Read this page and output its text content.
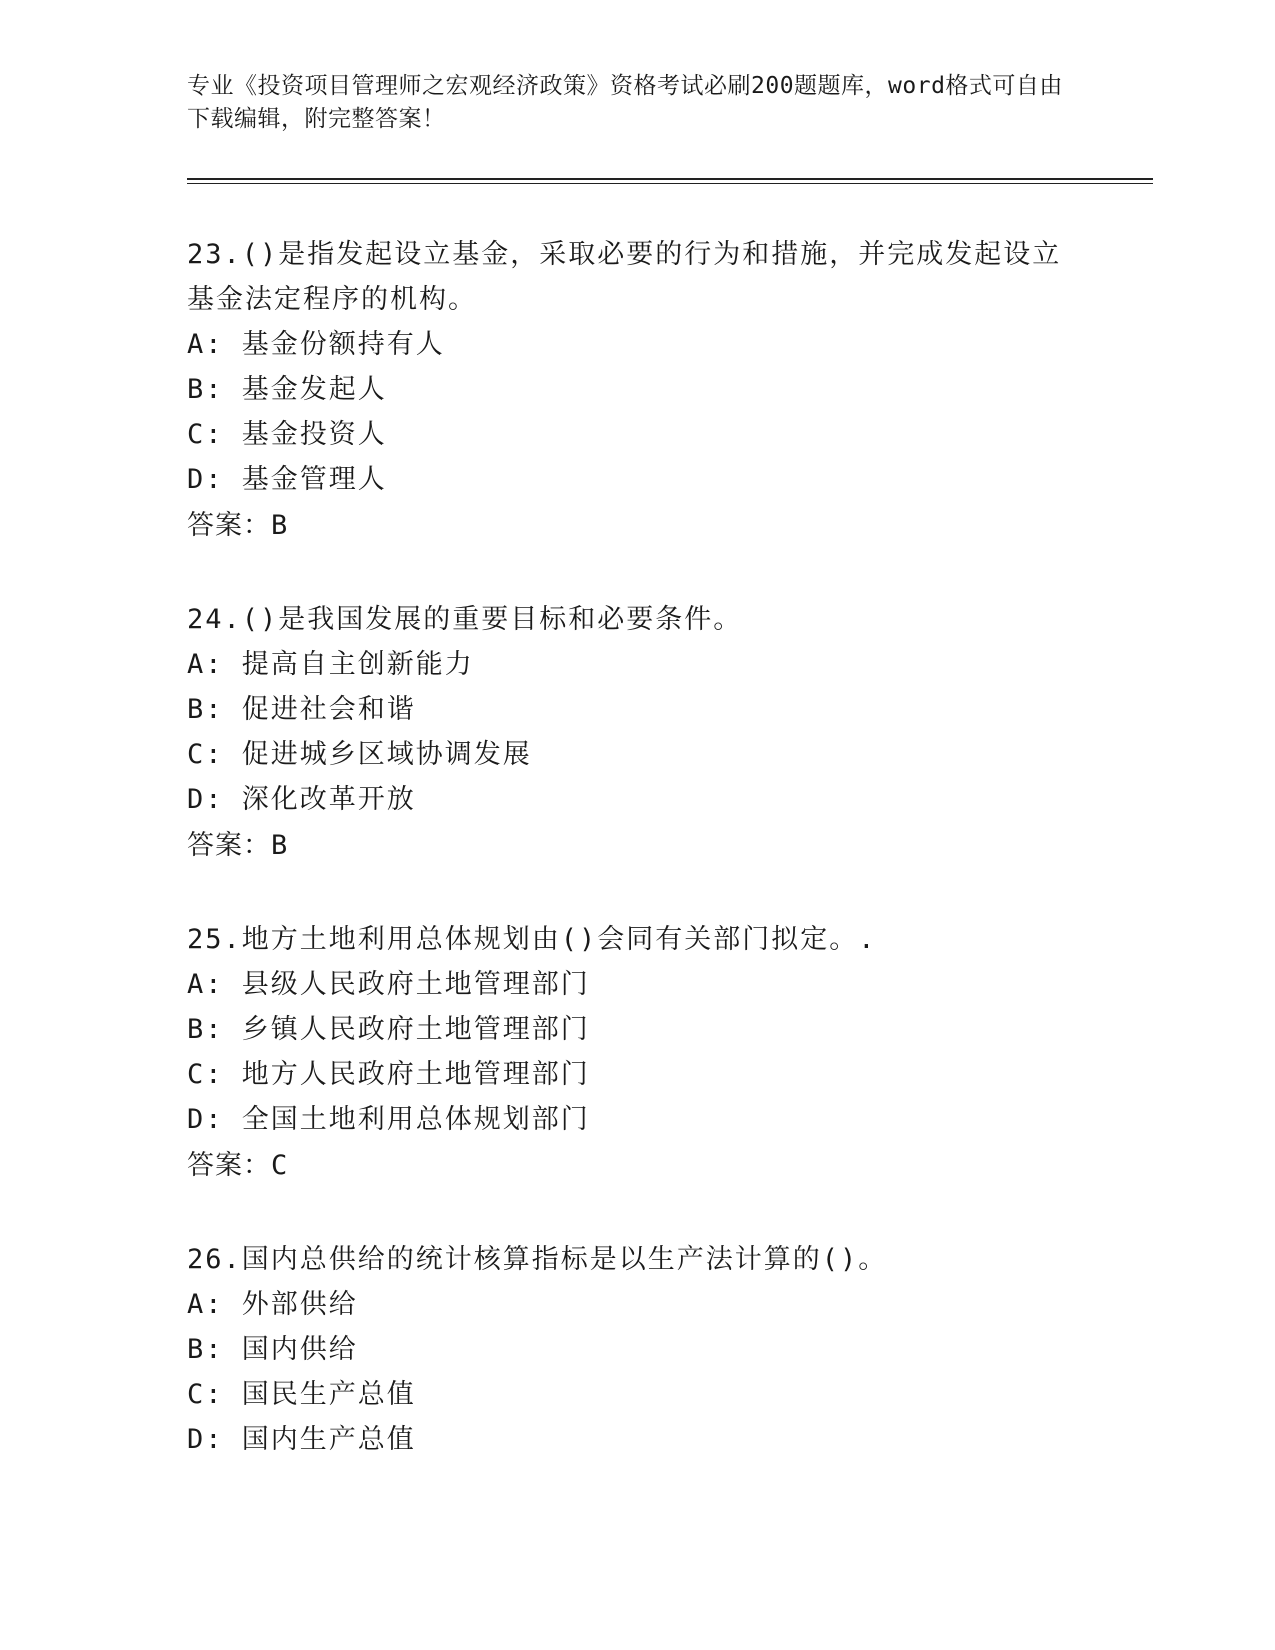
专业《投资项目管理师之宏观经济政策》资格考试必刷200题题库，word格式可自由下载编辑，附完整答案！

23.()是指发起设立基金，采取必要的行为和措施，并完成发起设立基金法定程序的机构。

A: 基金份额持有人

B: 基金发起人

C: 基金投资人

D: 基金管理人

答案：B

24.()是我国发展的重要目标和必要条件。

A: 提高自主创新能力

B: 促进社会和谐

C: 促进城乡区域协调发展

D: 深化改革开放

答案：B

25.地方土地利用总体规划由()会同有关部门拟定。.

A: 县级人民政府土地管理部门

B: 乡镇人民政府土地管理部门

C: 地方人民政府土地管理部门

D: 全国土地利用总体规划部门

答案：C

26.国内总供给的统计核算指标是以生产法计算的()。

A: 外部供给

B: 国内供给

C: 国民生产总值

D: 国内生产总值
